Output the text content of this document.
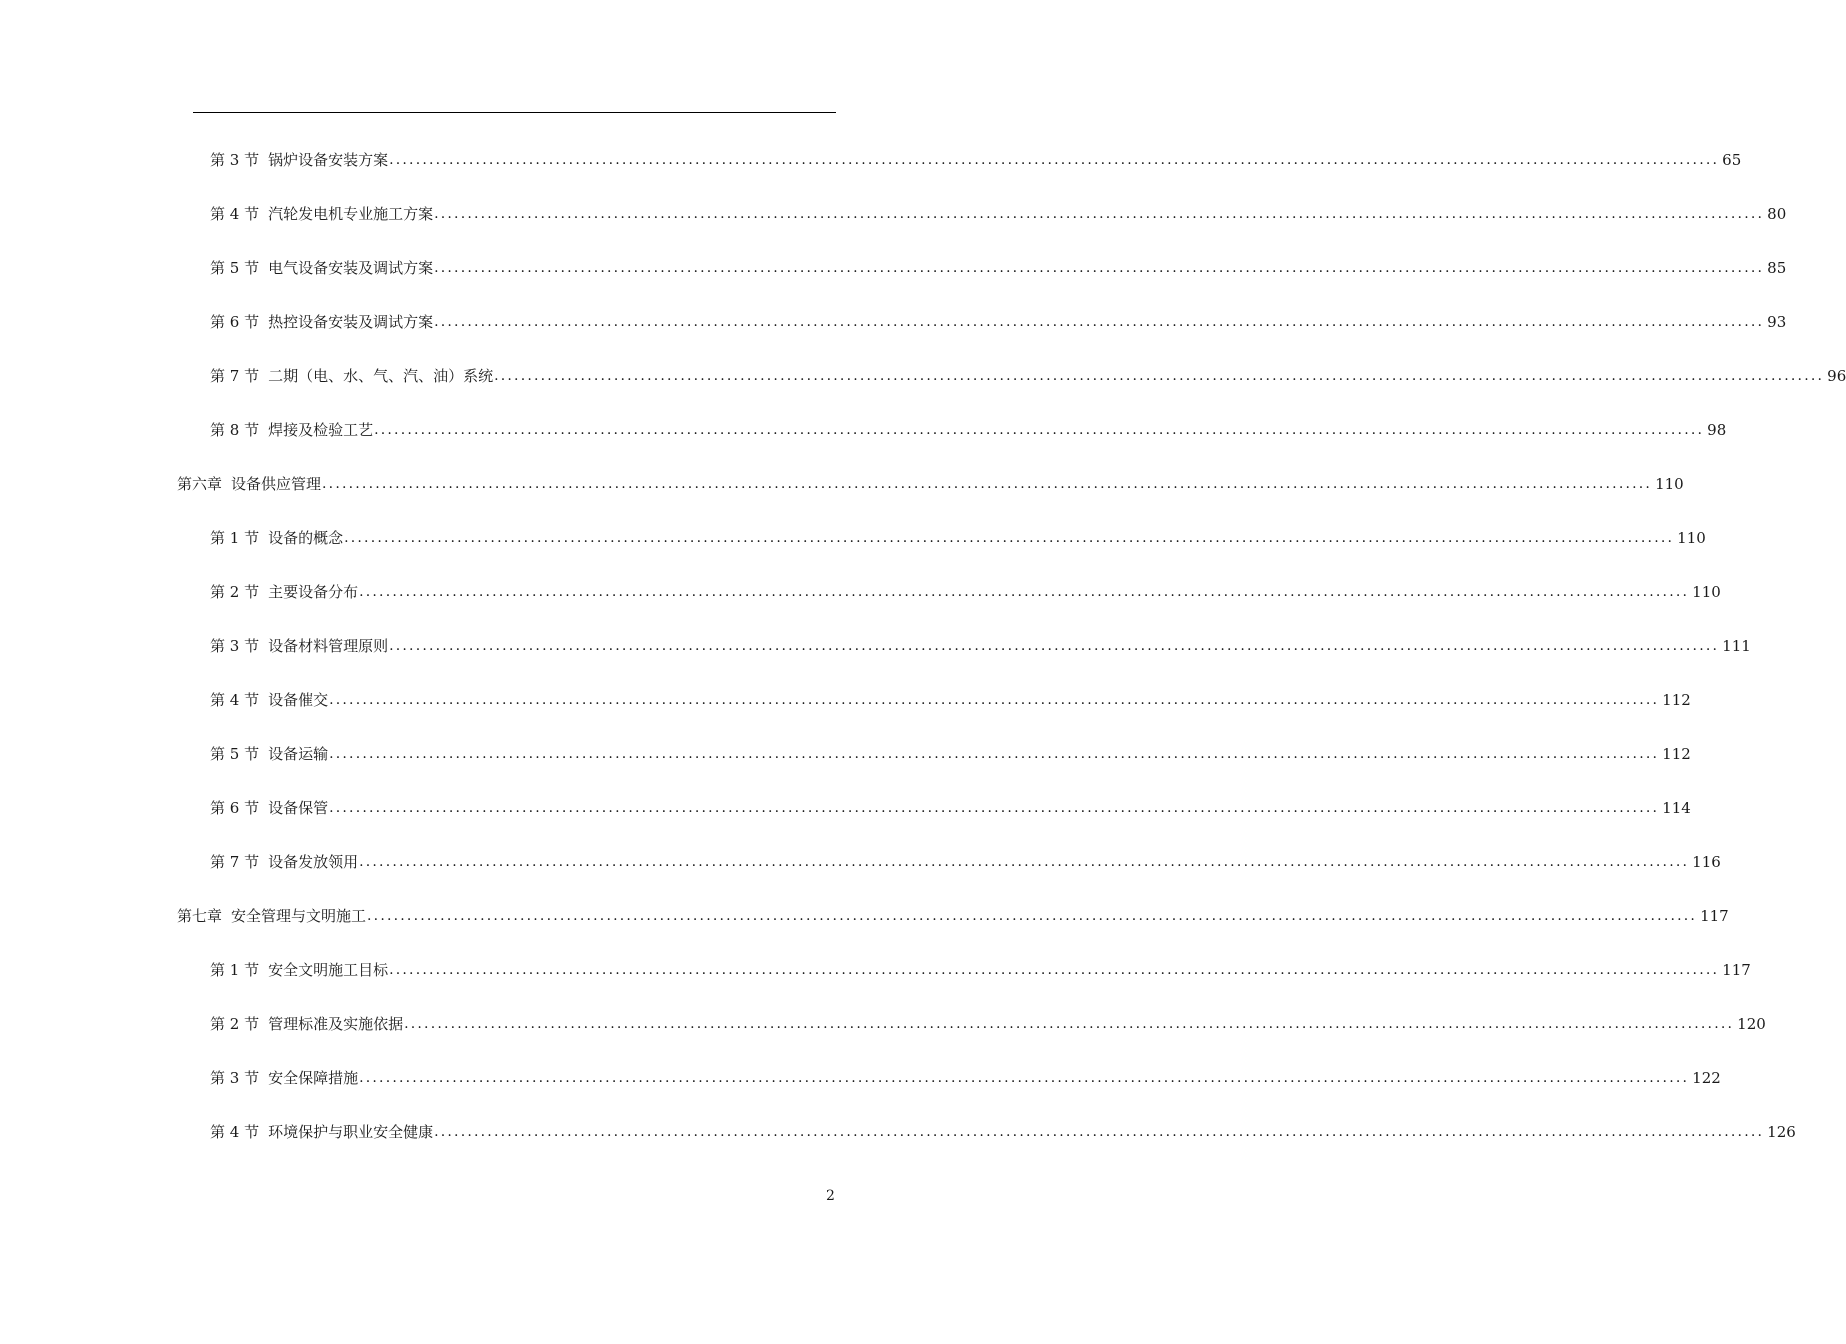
第 3 节 锅炉设备安装方案 ........................................................................................................................................................................................................ 65
第 4 节 汽轮发电机专业施工方案 ........................................................................................................................................................................................................ 80
第 5 节 电气设备安装及调试方案 ........................................................................................................................................................................................................ 85
第 6 节 热控设备安装及调试方案 ........................................................................................................................................................................................................ 93
第 7 节 二期（电、水、气、汽、油）系统 ........................................................................................................................................................................................................ 96
第 8 节 焊接及检验工艺 ........................................................................................................................................................................................................ 98
第六章 设备供应管理 ........................................................................................................................................................................................................ 110
第 1 节 设备的概念 ........................................................................................................................................................................................................ 110
第 2 节 主要设备分布 ........................................................................................................................................................................................................ 110
第 3 节 设备材料管理原则 ........................................................................................................................................................................................................ 111
第 4 节 设备催交 ........................................................................................................................................................................................................ 112
第 5 节 设备运输 ........................................................................................................................................................................................................ 112
第 6 节 设备保管 ........................................................................................................................................................................................................ 114
第 7 节 设备发放领用 ........................................................................................................................................................................................................ 116
第七章 安全管理与文明施工 ........................................................................................................................................................................................................ 117
第 1 节 安全文明施工目标 ........................................................................................................................................................................................................ 117
第 2 节 管理标准及实施依据 ........................................................................................................................................................................................................ 120
第 3 节 安全保障措施 ........................................................................................................................................................................................................ 122
第 4 节 环境保护与职业安全健康 ........................................................................................................................................................................................................ 126
2
